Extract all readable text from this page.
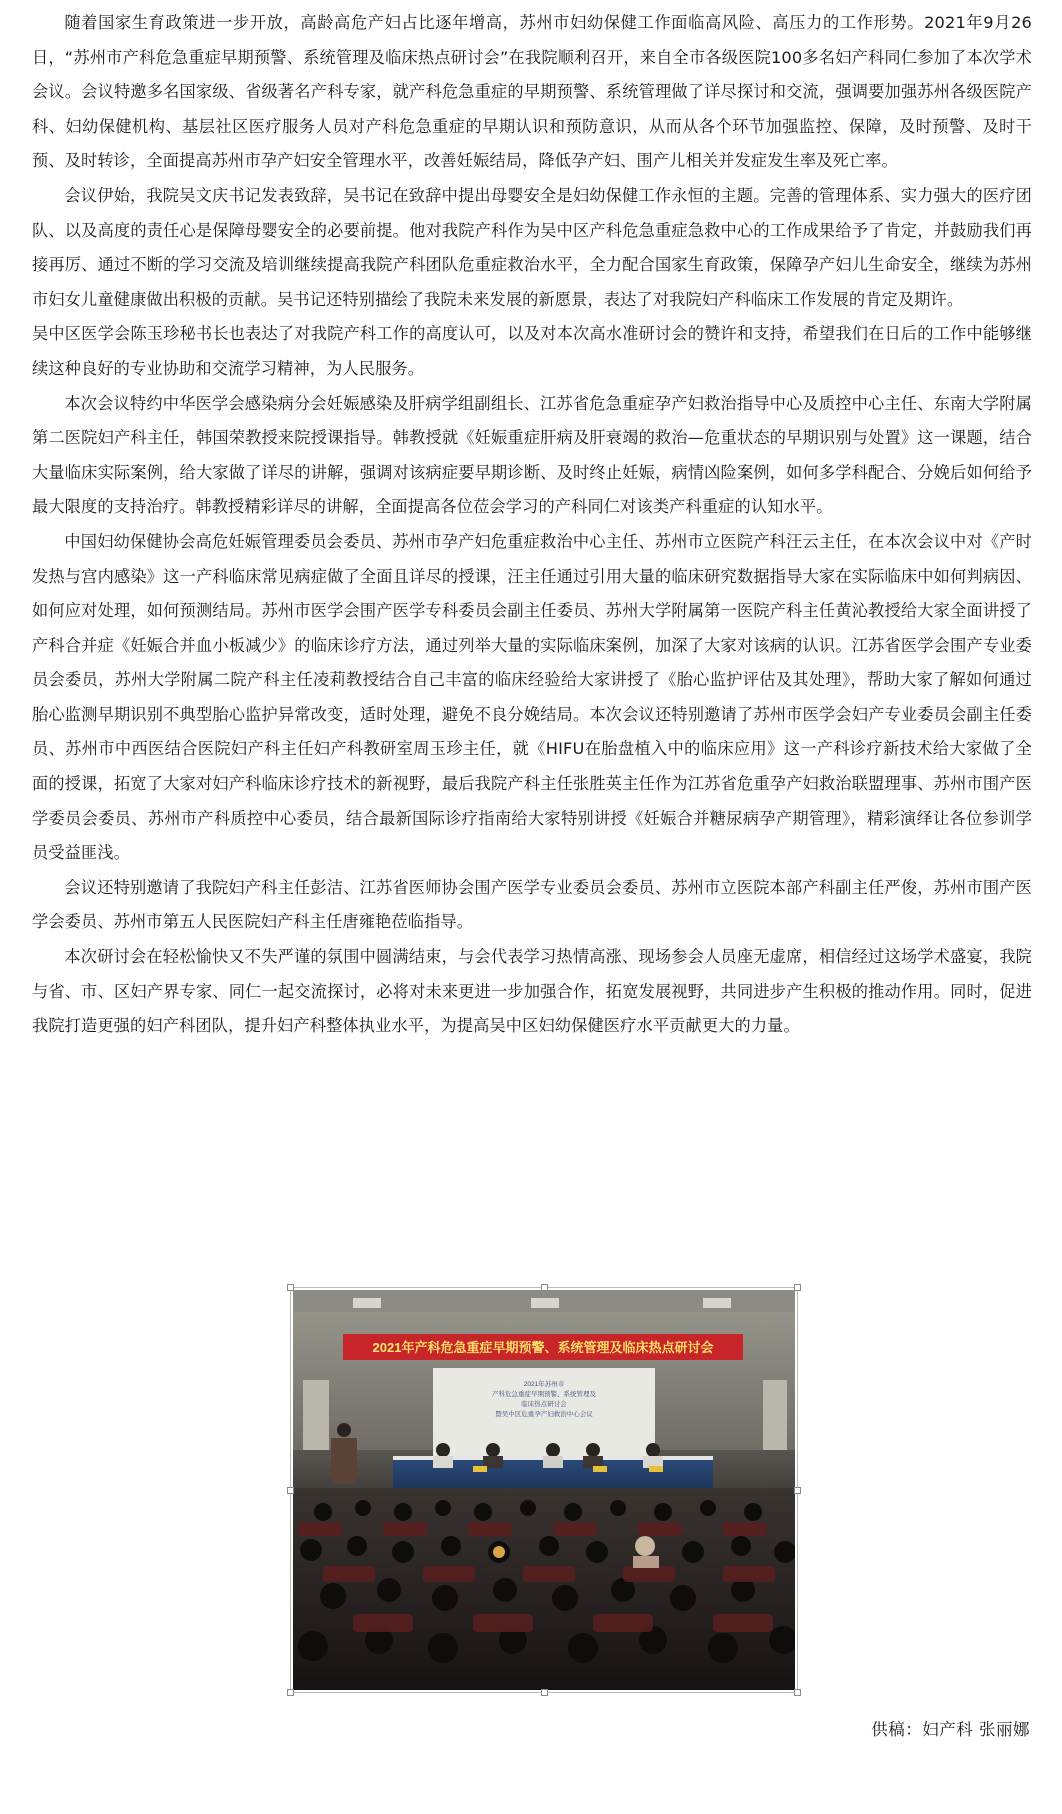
随着国家生育政策进一步开放，高龄高危产妇占比逐年增高，苏州市妇幼保健工作面临高风险、高压力的工作形势。2021年9月26日，“苏州市产科危急重症早期预警、系统管理及临床热点研讨会”在我院顺利召开，来自全市各级医院100多名妇产科同仁参加了本次学术会议。会议特邀多名国家级、省级著名产科专家，就产科危急重症的早期预警、系统管理做了详尽探讨和交流，强调要加强苏州各级医院产科、妇幼保健机构、基层社区医疗服务人员对产科危急重症的早期认识和预防意识，从而从各个环节加强监控、保障，及时预警、及时干预、及时转诊，全面提高苏州市孕产妇安全管理水平，改善妊娠结局，降低孕产妇、围产儿相关并发症发生率及死亡率。

会议伊始，我院吴文庆书记发表致辞，吴书记在致辞中提出母婴安全是妇幼保健工作永恒的主题。完善的管理体系、实力强大的医疗团队、以及高度的责任心是保障母婴安全的必要前提。他对我院产科作为吴中区产科危急重症急救中心的工作成果给予了肯定，并鼓励我们再接再厉、通过不断的学习交流及培训继续提高我院产科团队危重症救治水平，全力配合国家生育政策，保障孕产妇儿生命安全，继续为苏州市妇女儿童健康做出积极的贡献。吴书记还特别描绘了我院未来发展的新愿景，表达了对我院妇产科临床工作发展的肯定及期许。

吴中区医学会陈玉珍秘书长也表达了对我院产科工作的高度认可，以及对本次高水准研讨会的赞许和支持，希望我们在日后的工作中能够继续这种良好的专业协助和交流学习精神，为人民服务。

本次会议特约中华医学会感染病分会妊娠感染及肝病学组副组长、江苏省危急重症孕产妇救治指导中心及质控中心主任、东南大学附属第二医院妇产科主任，韩国荣教授来院授课指导。韩教授就《妊娠重症肝病及肝衰竭的救治—危重状态的早期识别与处置》这一课题，结合大量临床实际案例，给大家做了详尽的讲解，强调对该病症要早期诊断、及时终止妊娠，病情凶险案例，如何多学科配合、分娩后如何给予最大限度的支持治疗。韩教授精彩详尽的讲解，全面提高各位莅会学习的产科同仁对该类产科重症的认知水平。

中国妇幼保健协会高危妊娠管理委员会委员、苏州市孕产妇危重症救治中心主任、苏州市立医院产科汪云主任，在本次会议中对《产时发热与宫内感染》这一产科临床常见病症做了全面且详尽的授课，汪主任通过引用大量的临床研究数据指导大家在实际临床中如何判病因、如何应对处理，如何预测结局。苏州市医学会围产医学专科委员会副主任委员、苏州大学附属第一医院产科主任黄沁教授给大家全面讲授了产科合并症《妊娠合并血小板减少》的临床诊疗方法，通过列举大量的实际临床案例，加深了大家对该病的认识。江苏省医学会围产专业委员会委员，苏州大学附属二院产科主任凌莉教授结合自己丰富的临床经验给大家讲授了《胎心监护评估及其处理》，帮助大家了解如何通过胎心监测早期识别不典型胎心监护异常改变，适时处理，避免不良分娩结局。本次会议还特别邀请了苏州市医学会妇产专业委员会副主任委员、苏州市中西医结合医院妇产科主任妇产科教研室周玉珍主任，就《HIFU在胎盘植入中的临床应用》这一产科诊疗新技术给大家做了全面的授课，拓宽了大家对妇产科临床诊疗技术的新视野，最后我院产科主任张胜英主任作为江苏省危重孕产妇救治联盟理事、苏州市围产医学委员会委员、苏州市产科质控中心委员，结合最新国际诊疗指南给大家特别讲授《妊娠合并糖尿病孕产期管理》，精彩演绎让各位参训学员受益匪浅。

会议还特别邀请了我院妇产科主任彭洁、江苏省医师协会围产医学专业委员会委员、苏州市立医院本部产科副主任严俊，苏州市围产医学会委员、苏州市第五人民医院妇产科主任唐雍艳莅临指导。

本次研讨会在轻松愉快又不失严谨的氛围中圆满结束，与会代表学习热情高涨、现场参会人员座无虚席，相信经过这场学术盛宴，我院与省、市、区妇产界专家、同仁一起交流探讨，必将对未来更进一步加强合作，拓宽发展视野，共同进步产生积极的推动作用。同时，促进我院打造更强的妇产科团队，提升妇产科整体执业水平，为提高吴中区妇幼保健医疗水平贡献更大的力量。

2021年产科危急重症早期预警、系统管理及临床热点研讨会
2021年苏州市
产科危急重症早期预警、系统管理及
临床热点研讨会
暨吴中区危重孕产妇救治中心会议
供稿：妇产科 张丽娜
